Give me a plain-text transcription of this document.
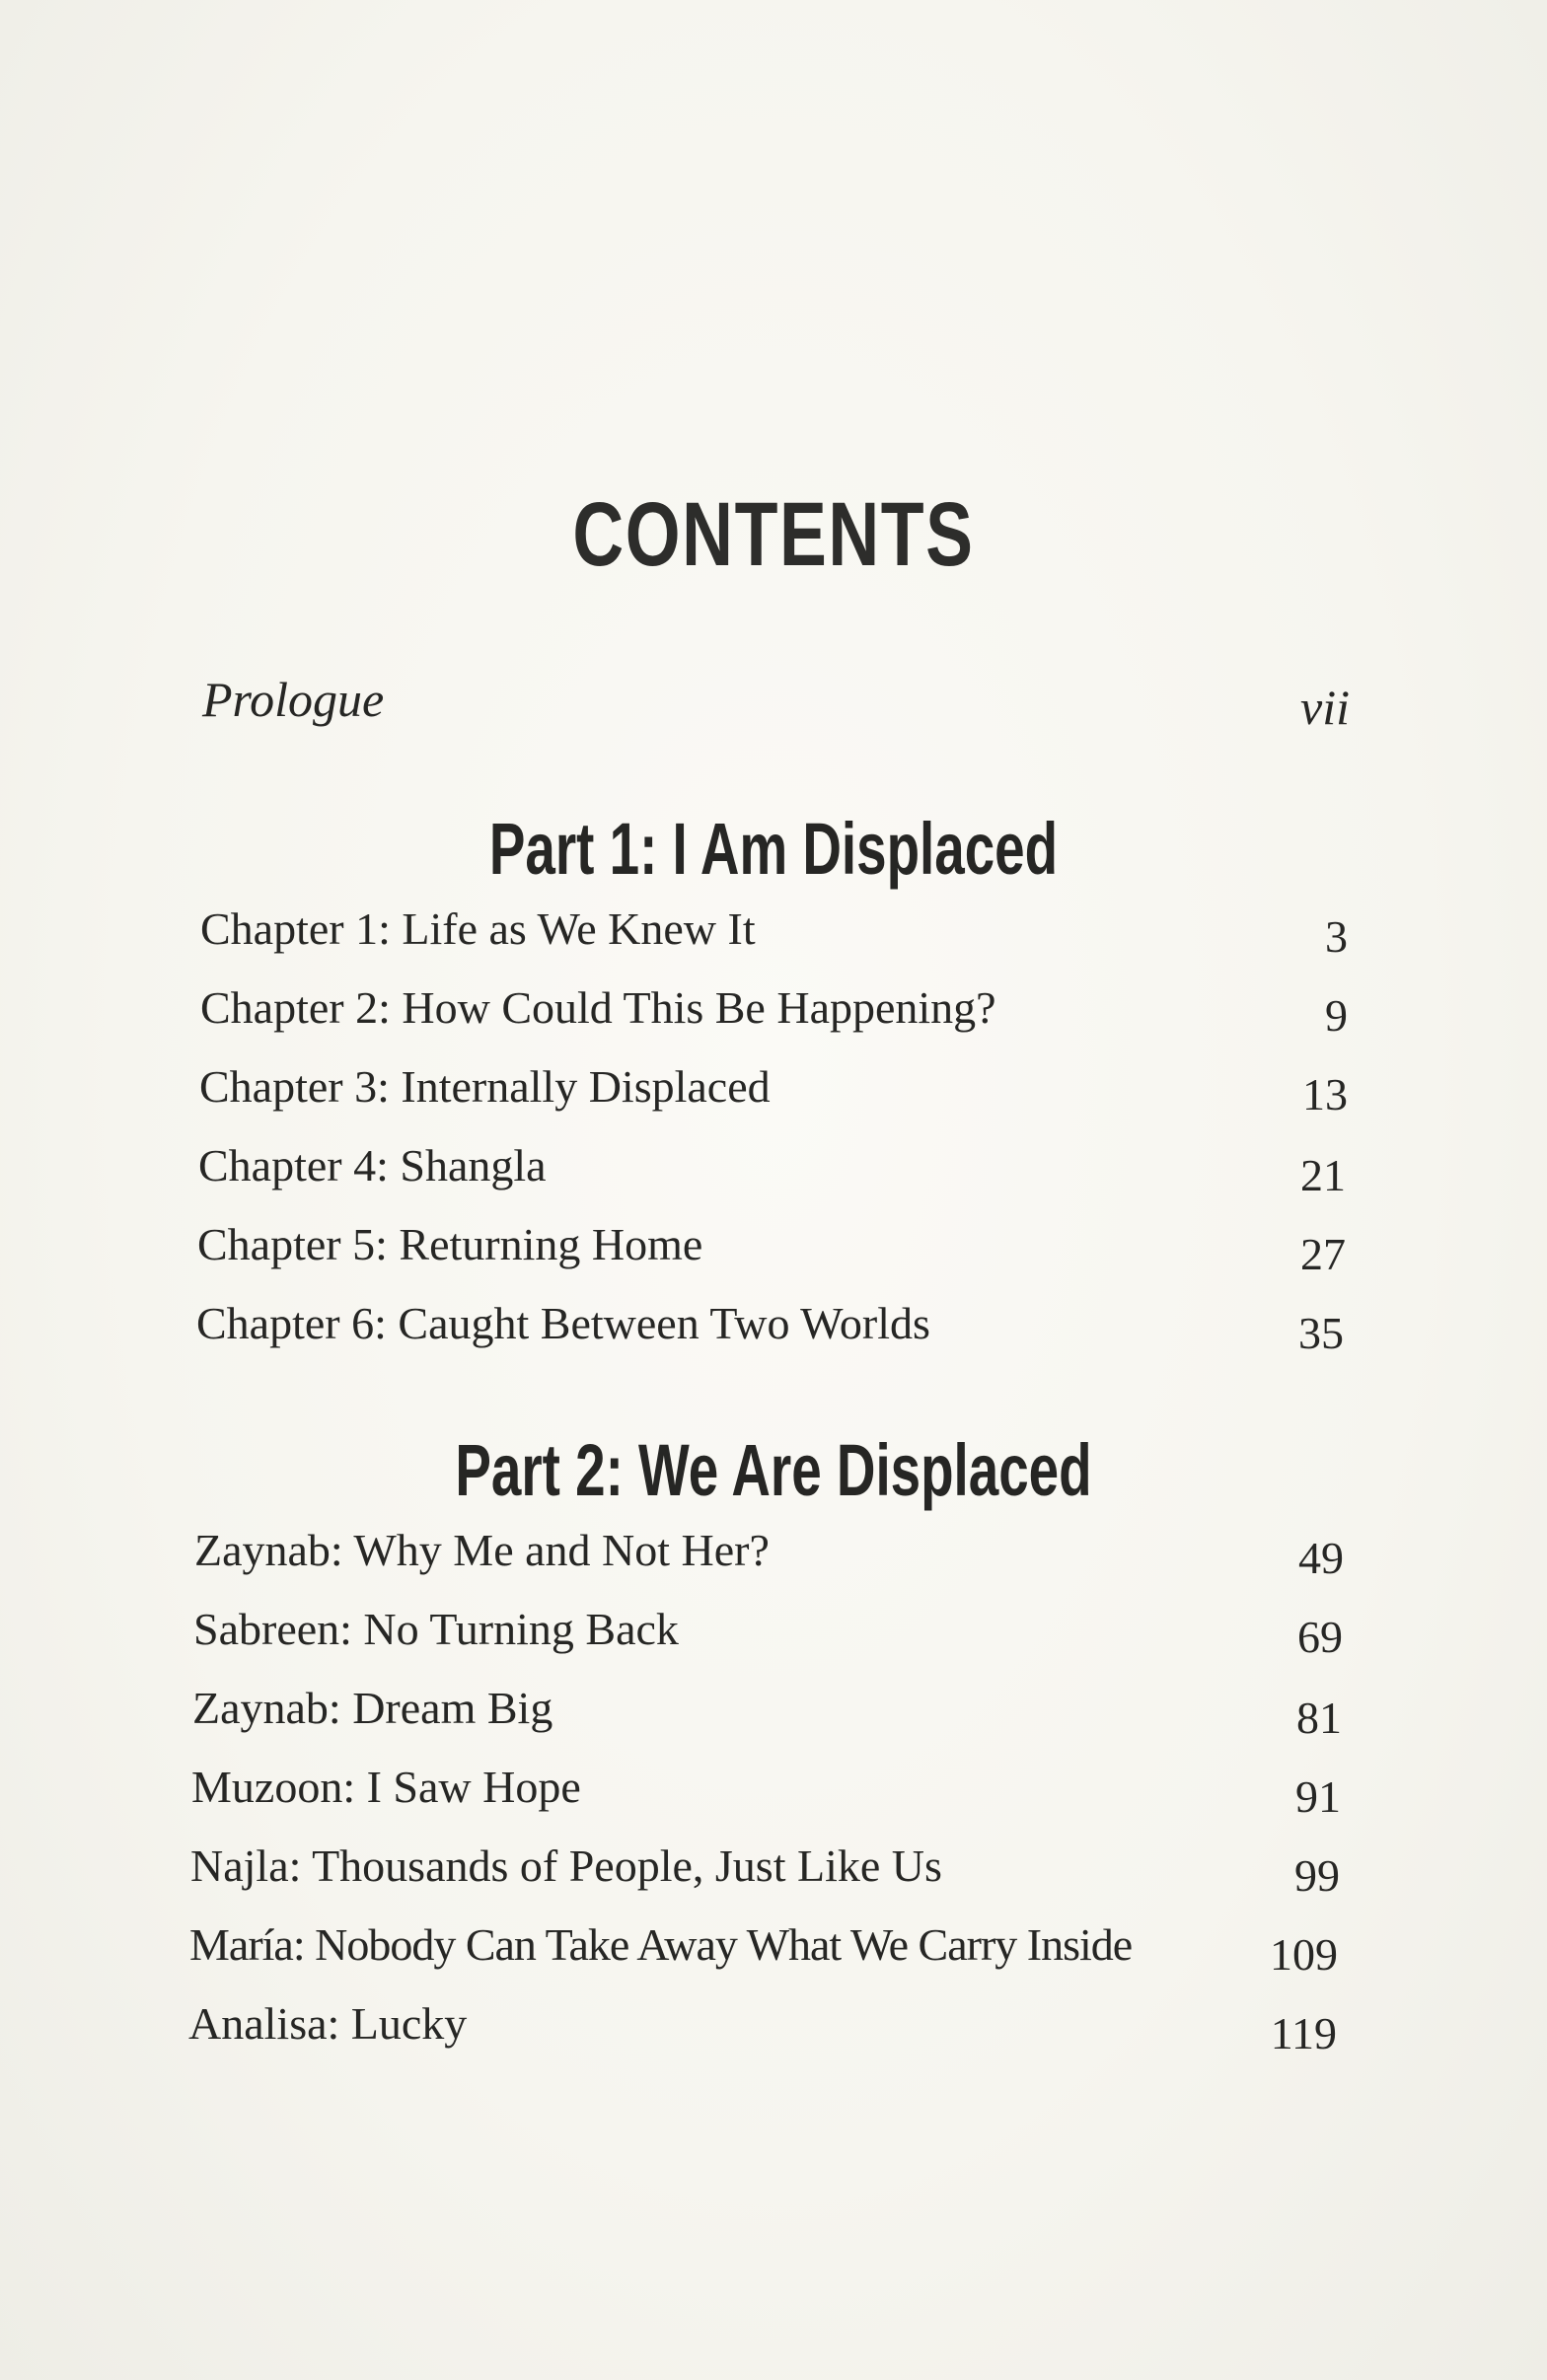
CONTENTS
Prologue	vii
Part 1: I Am Displaced
Chapter 1: Life as We Knew It	3
Chapter 2: How Could This Be Happening?	9
Chapter 3: Internally Displaced	13
Chapter 4: Shangla	21
Chapter 5: Returning Home	27
Chapter 6: Caught Between Two Worlds	35
Part 2: We Are Displaced
Zaynab: Why Me and Not Her?	49
Sabreen: No Turning Back	69
Zaynab: Dream Big	81
Muzoon: I Saw Hope	91
Najla: Thousands of People, Just Like Us	99
María: Nobody Can Take Away What We Carry Inside	109
Analisa: Lucky	119
